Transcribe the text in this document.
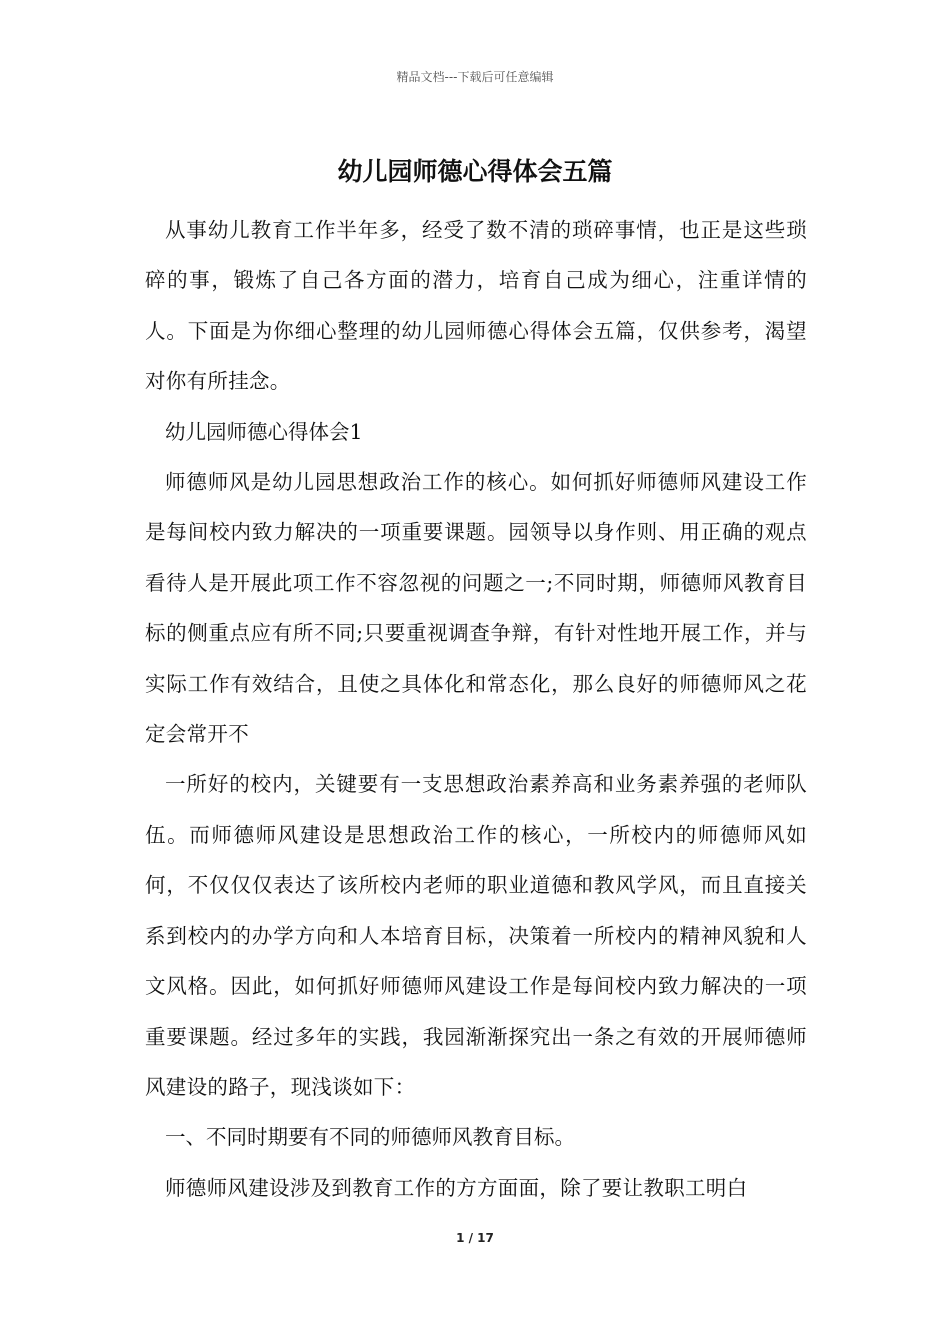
精品文档---下载后可任意编辑
幼儿园师德心得体会五篇

从事幼儿教育工作半年多，经受了数不清的琐碎事情，也正是这些琐碎的事，锻炼了自己各方面的潜力，培育自己成为细心，注重详情的人。下面是为你细心整理的幼儿园师德心得体会五篇，仅供参考，渴望对你有所挂念。

幼儿园师德心得体会1

师德师风是幼儿园思想政治工作的核心。如何抓好师德师风建设工作是每间校内致力解决的一项重要课题。园领导以身作则、用正确的观点看待人是开展此项工作不容忽视的问题之一;不同时期，师德师风教育目标的侧重点应有所不同;只要重视调查争辩，有针对性地开展工作，并与实际工作有效结合，且使之具体化和常态化，那么良好的师德师风之花定会常开不

一所好的校内，关键要有一支思想政治素养高和业务素养强的老师队伍。而师德师风建设是思想政治工作的核心，一所校内的师德师风如何，不仅仅仅表达了该所校内老师的职业道德和教风学风，而且直接关系到校内的办学方向和人本培育目标，决策着一所校内的精神风貌和人文风格。因此，如何抓好师德师风建设工作是每间校内致力解决的一项重要课题。经过多年的实践，我园渐渐探究出一条之有效的开展师德师风建设的路子，现浅谈如下：

一、不同时期要有不同的师德师风教育目标。

师德师风建设涉及到教育工作的方方面面，除了要让教职工明白

1 / 17
